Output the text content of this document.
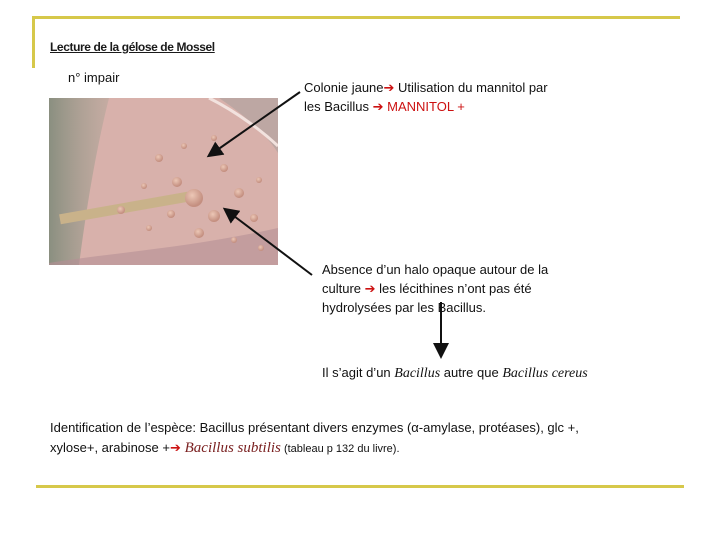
Lecture de la gélose de Mossel
n° impair
Colonie jaune➔ Utilisation du mannitol par
les Bacillus ➔ MANNITOL +
Absence d’un halo opaque autour de la
culture ➔ les lécithines n’ont pas été
hydrolysées par les Bacillus.
Il s’agit d’un Bacillus autre que Bacillus cereus
Identification de l’espèce: Bacillus présentant divers enzymes (α-amylase, protéases), glc +,
xylose+, arabinose +➔ Bacillus subtilis (tableau p 132 du livre).
